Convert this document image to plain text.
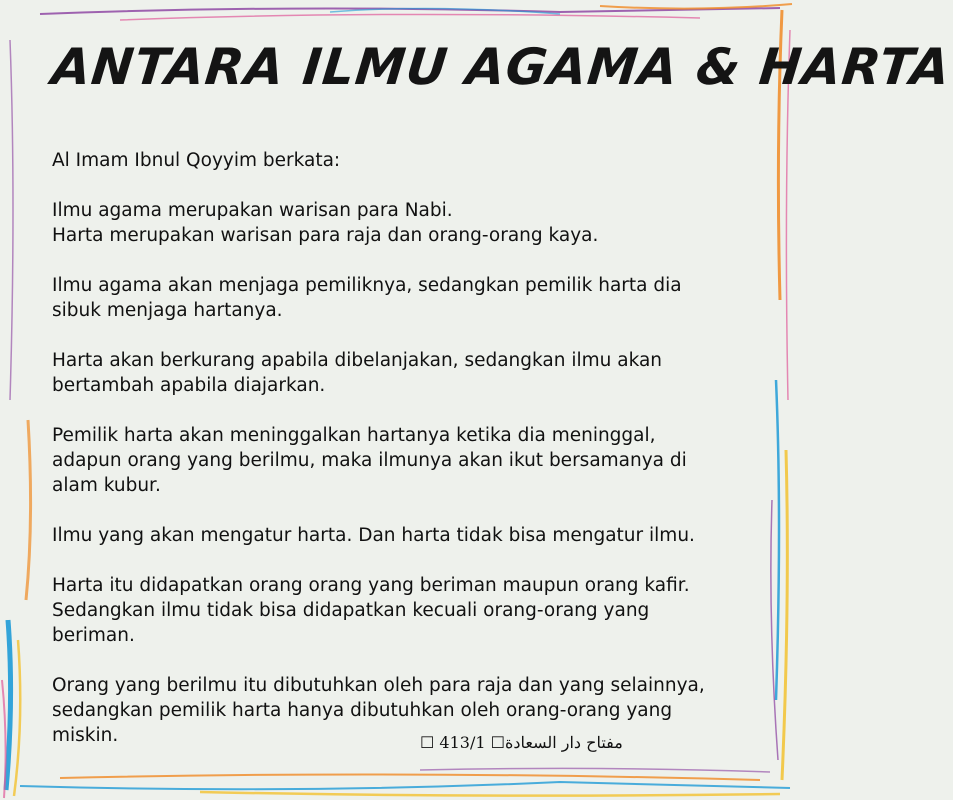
ANTARA ILMU AGAMA & HARTA

Al Imam Ibnul Qoyyim berkata:

Ilmu agama merupakan warisan para Nabi.
Harta merupakan warisan para raja dan orang-orang kaya.

Ilmu agama akan menjaga pemiliknya, sedangkan pemilik harta dia
sibuk menjaga hartanya.

Harta akan berkurang apabila dibelanjakan, sedangkan ilmu akan
bertambah apabila diajarkan.

Pemilik harta akan meninggalkan hartanya ketika dia meninggal,
adapun orang yang berilmu, maka ilmunya akan ikut bersamanya di
alam kubur.

Ilmu yang akan mengatur harta. Dan harta tidak bisa mengatur ilmu.

Harta itu didapatkan orang orang yang beriman maupun orang kafir.
Sedangkan ilmu tidak bisa didapatkan kecuali orang-orang yang
beriman.

Orang yang berilmu itu dibutuhkan oleh para raja dan yang selainnya,
sedangkan pemilik harta hanya dibutuhkan oleh orang-orang yang
miskin.	☐ 413/1 ☐مفتاح دار السعادة
